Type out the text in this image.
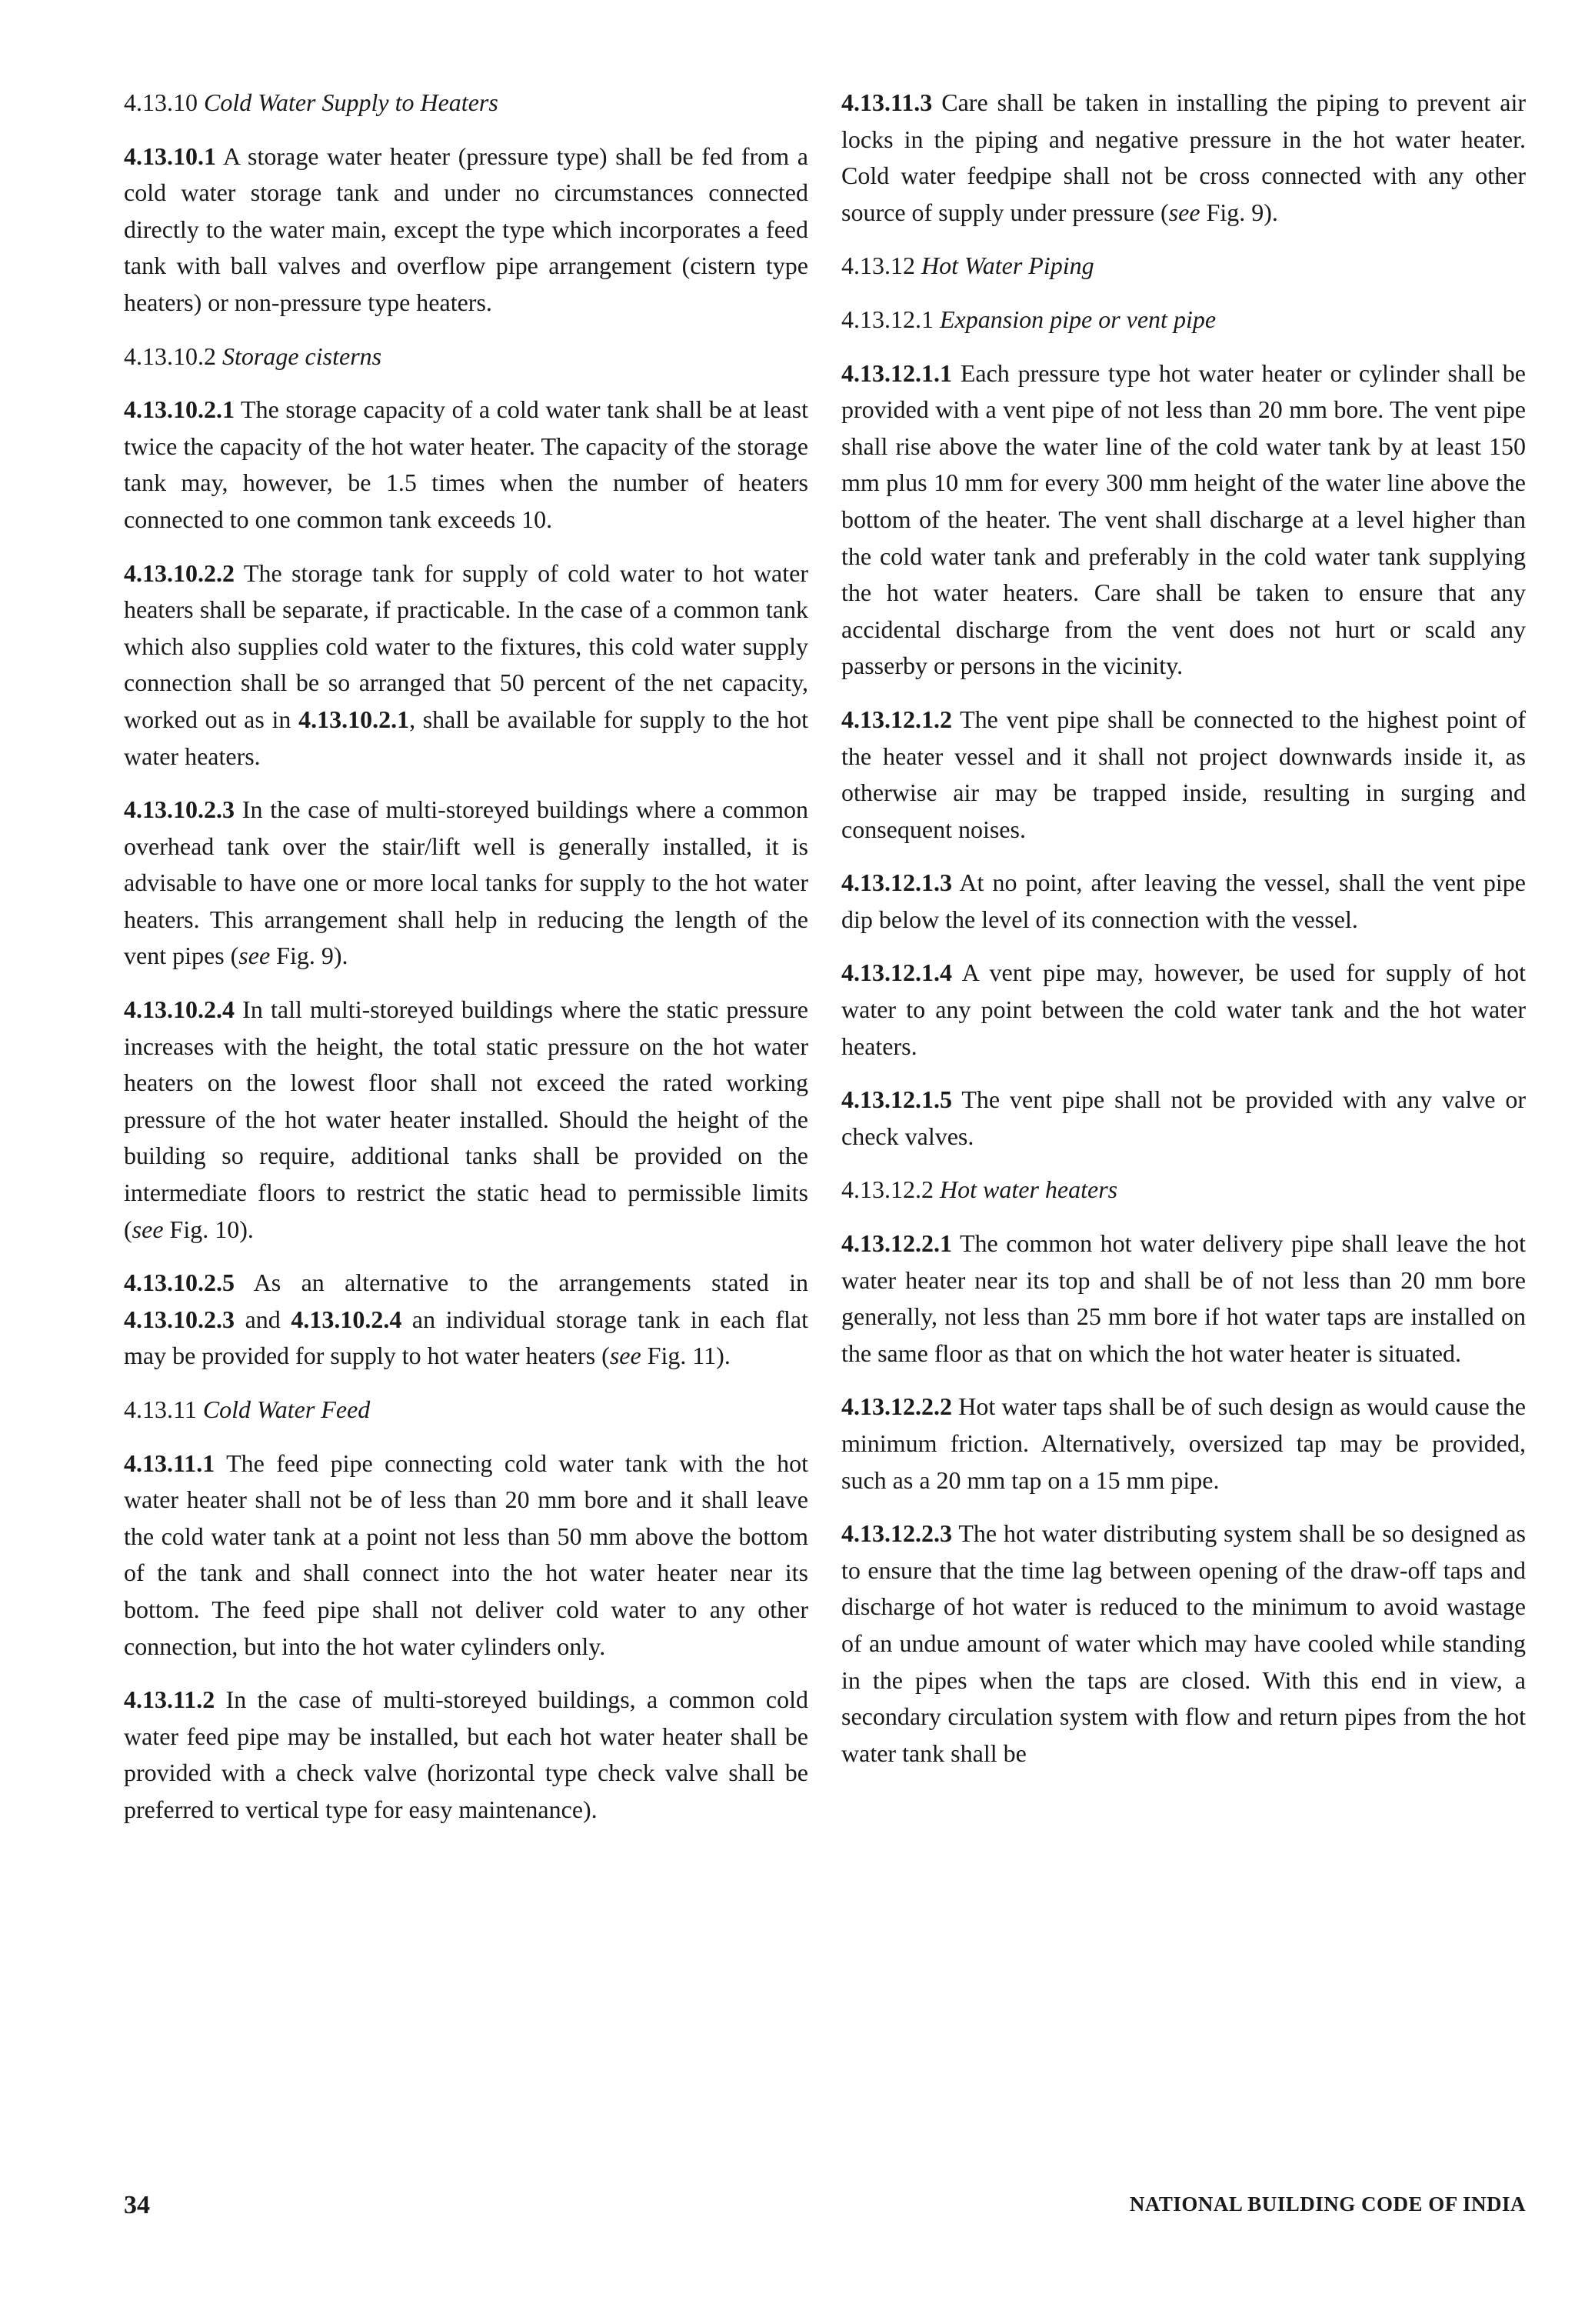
4.13.10 Cold Water Supply to Heaters

4.13.10.1 A storage water heater (pressure type) shall be fed from a cold water storage tank and under no circumstances connected directly to the water main, except the type which incorporates a feed tank with ball valves and overflow pipe arrangement (cistern type heaters) or non-pressure type heaters.

4.13.10.2 Storage cisterns

4.13.10.2.1 The storage capacity of a cold water tank shall be at least twice the capacity of the hot water heater. The capacity of the storage tank may, however, be 1.5 times when the number of heaters connected to one common tank exceeds 10.

4.13.10.2.2 The storage tank for supply of cold water to hot water heaters shall be separate, if practicable. In the case of a common tank which also supplies cold water to the fixtures, this cold water supply connection shall be so arranged that 50 percent of the net capacity, worked out as in 4.13.10.2.1, shall be available for supply to the hot water heaters.

4.13.10.2.3 In the case of multi-storeyed buildings where a common overhead tank over the stair/lift well is generally installed, it is advisable to have one or more local tanks for supply to the hot water heaters. This arrangement shall help in reducing the length of the vent pipes (see Fig. 9).

4.13.10.2.4 In tall multi-storeyed buildings where the static pressure increases with the height, the total static pressure on the hot water heaters on the lowest floor shall not exceed the rated working pressure of the hot water heater installed. Should the height of the building so require, additional tanks shall be provided on the intermediate floors to restrict the static head to permissible limits (see Fig. 10).

4.13.10.2.5 As an alternative to the arrangements stated in 4.13.10.2.3 and 4.13.10.2.4 an individual storage tank in each flat may be provided for supply to hot water heaters (see Fig. 11).

4.13.11 Cold Water Feed

4.13.11.1 The feed pipe connecting cold water tank with the hot water heater shall not be of less than 20 mm bore and it shall leave the cold water tank at a point not less than 50 mm above the bottom of the tank and shall connect into the hot water heater near its bottom. The feed pipe shall not deliver cold water to any other connection, but into the hot water cylinders only.

4.13.11.2 In the case of multi-storeyed buildings, a common cold water feed pipe may be installed, but each hot water heater shall be provided with a check valve (horizontal type check valve shall be preferred to vertical type for easy maintenance).

4.13.11.3 Care shall be taken in installing the piping to prevent air locks in the piping and negative pressure in the hot water heater. Cold water feedpipe shall not be cross connected with any other source of supply under pressure (see Fig. 9).

4.13.12 Hot Water Piping

4.13.12.1 Expansion pipe or vent pipe

4.13.12.1.1 Each pressure type hot water heater or cylinder shall be provided with a vent pipe of not less than 20 mm bore. The vent pipe shall rise above the water line of the cold water tank by at least 150 mm plus 10 mm for every 300 mm height of the water line above the bottom of the heater. The vent shall discharge at a level higher than the cold water tank and preferably in the cold water tank supplying the hot water heaters. Care shall be taken to ensure that any accidental discharge from the vent does not hurt or scald any passerby or persons in the vicinity.

4.13.12.1.2 The vent pipe shall be connected to the highest point of the heater vessel and it shall not project downwards inside it, as otherwise air may be trapped inside, resulting in surging and consequent noises.

4.13.12.1.3 At no point, after leaving the vessel, shall the vent pipe dip below the level of its connection with the vessel.

4.13.12.1.4 A vent pipe may, however, be used for supply of hot water to any point between the cold water tank and the hot water heaters.

4.13.12.1.5 The vent pipe shall not be provided with any valve or check valves.

4.13.12.2 Hot water heaters

4.13.12.2.1 The common hot water delivery pipe shall leave the hot water heater near its top and shall be of not less than 20 mm bore generally, not less than 25 mm bore if hot water taps are installed on the same floor as that on which the hot water heater is situated.

4.13.12.2.2 Hot water taps shall be of such design as would cause the minimum friction. Alternatively, oversized tap may be provided, such as a 20 mm tap on a 15 mm pipe.

4.13.12.2.3 The hot water distributing system shall be so designed as to ensure that the time lag between opening of the draw-off taps and discharge of hot water is reduced to the minimum to avoid wastage of an undue amount of water which may have cooled while standing in the pipes when the taps are closed. With this end in view, a secondary circulation system with flow and return pipes from the hot water tank shall be

34	NATIONAL BUILDING CODE OF INDIA
